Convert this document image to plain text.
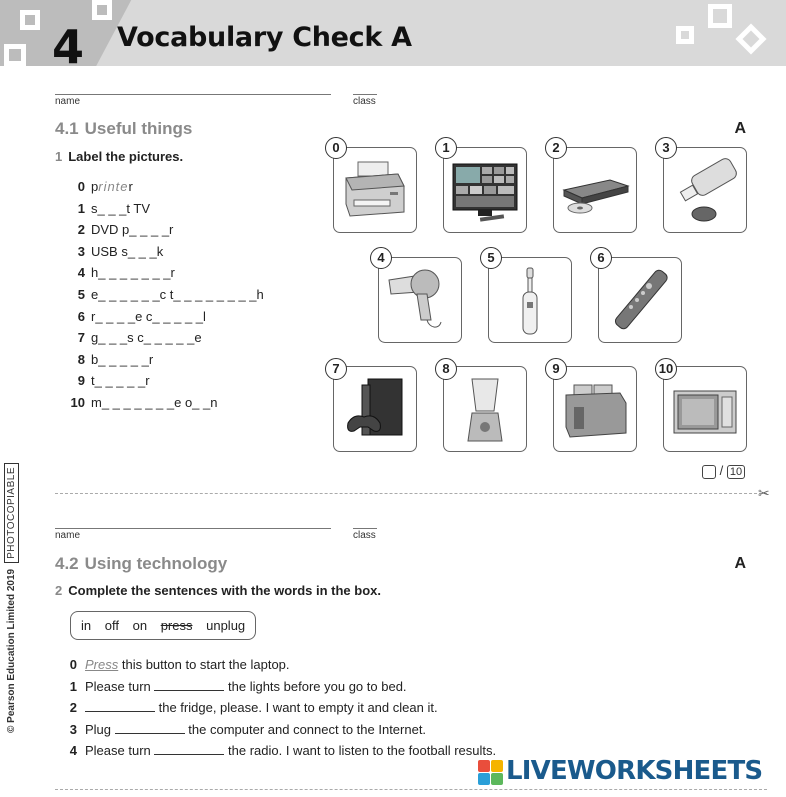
4 Vocabulary Check A
name	class
4.1 Useful things	A
1 Label the pictures.
0 printer
1 s_ _ _t TV
2 DVD p_ _ _ _r
3 USB s_ _ _k
4 h_ _ _ _ _ _ _r
5 e_ _ _ _ _ _c t_ _ _ _ _ _ _ _h
6 r_ _ _ _e c_ _ _ _ _l
7 g_ _ _s c_ _ _ _ _e
8 b_ _ _ _ _r
9 t_ _ _ _ _r
10 m_ _ _ _ _ _ _e o_ _n
0	1	2	3
4	5	6
7	8	9	10
/ 10
✂
name	class
4.2 Using technology	A
2 Complete the sentences with the words in the box.
in off on press unplug
0 Press this button to start the laptop.
1 Please turn	the lights before you go to bed.
2	the fridge, please. I want to empty it and clean it.
3 Plug	the computer and connect to the Internet.
4 Please turn	the radio. I want to listen to the football results.
© Pearson Education Limited 2019PHOTOCOPIABLE
LIVEWORKSHEETS
